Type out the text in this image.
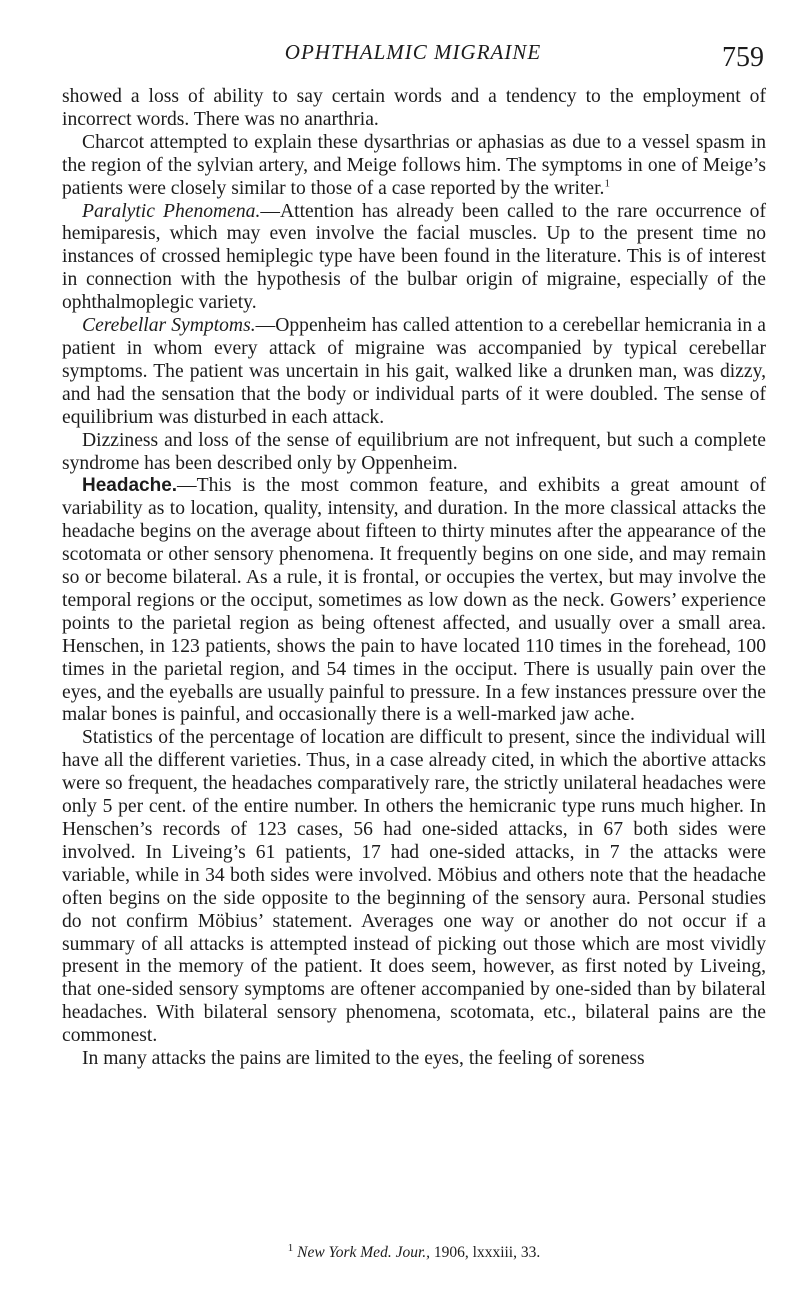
OPHTHALMIC MIGRAINE	759

showed a loss of ability to say certain words and a tendency to the employment of incorrect words. There was no anarthria.

Charcot attempted to explain these dysarthrias or aphasias as due to a vessel spasm in the region of the sylvian artery, and Meige follows him. The symptoms in one of Meige’s patients were closely similar to those of a case reported by the writer.$^1$

Paralytic Phenomena.—Attention has already been called to the rare occurrence of hemiparesis, which may even involve the facial muscles. Up to the present time no instances of crossed hemiplegic type have been found in the literature. This is of interest in connection with the hypothesis of the bulbar origin of migraine, especially of the ophthalmoplegic variety.

Cerebellar Symptoms.—Oppenheim has called attention to a cerebellar hemicrania in a patient in whom every attack of migraine was accompanied by typical cerebellar symptoms. The patient was uncertain in his gait, walked like a drunken man, was dizzy, and had the sensation that the body or individual parts of it were doubled. The sense of equilibrium was disturbed in each attack.

Dizziness and loss of the sense of equilibrium are not infrequent, but such a complete syndrome has been described only by Oppenheim.

Headache.—This is the most common feature, and exhibits a great amount of variability as to location, quality, intensity, and duration. In the more classical attacks the headache begins on the average about fifteen to thirty minutes after the appearance of the scotomata or other sensory phenomena. It frequently begins on one side, and may remain so or become bilateral. As a rule, it is frontal, or occupies the vertex, but may involve the temporal regions or the occiput, sometimes as low down as the neck. Gowers’ experience points to the parietal region as being oftenest affected, and usually over a small area. Henschen, in 123 patients, shows the pain to have located 110 times in the forehead, 100 times in the parietal region, and 54 times in the occiput. There is usually pain over the eyes, and the eyeballs are usually painful to pressure. In a few instances pressure over the malar bones is painful, and occasionally there is a well-marked jaw ache.

Statistics of the percentage of location are difficult to present, since the individual will have all the different varieties. Thus, in a case already cited, in which the abortive attacks were so frequent, the headaches comparatively rare, the strictly unilateral headaches were only 5 per cent. of the entire number. In others the hemicranic type runs much higher. In Henschen’s records of 123 cases, 56 had one-sided attacks, in 67 both sides were involved. In Liveing’s 61 patients, 17 had one-sided attacks, in 7 the attacks were variable, while in 34 both sides were involved. Möbius and others note that the headache often begins on the side opposite to the beginning of the sensory aura. Personal studies do not confirm Möbius’ statement. Averages one way or another do not occur if a summary of all attacks is attempted instead of picking out those which are most vividly present in the memory of the patient. It does seem, however, as first noted by Liveing, that one-sided sensory symptoms are oftener accompanied by one-sided than by bilateral headaches. With bilateral sensory phenomena, scotomata, etc., bilateral pains are the commonest.

In many attacks the pains are limited to the eyes, the feeling of soreness

$^1$ New York Med. Jour., 1906, lxxxiii, 33.
